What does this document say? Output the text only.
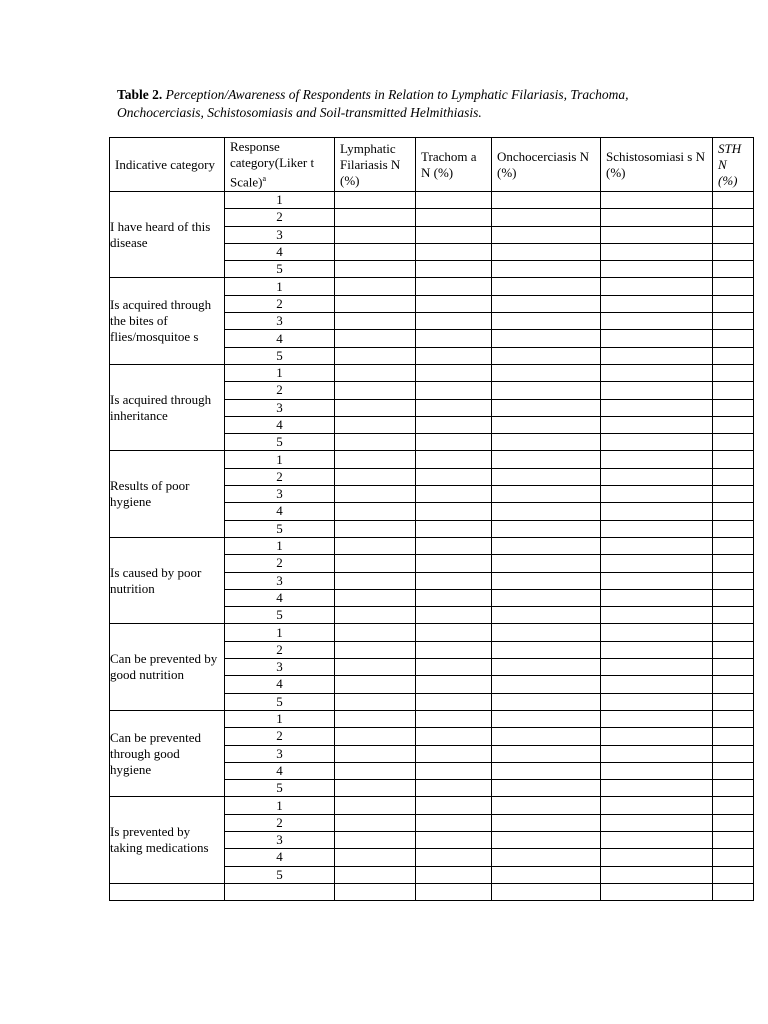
Table 2. Perception/Awareness of Respondents in Relation to Lymphatic Filariasis, Trachoma, Onchocerciasis, Schistosomiasis and Soil-transmitted Helmithiasis.
Indicative category	Response category(Liker t Scale)$^a$	Lymphatic Filariasis N (%)	Trachom a N (%)	Onchocerciasis N (%)	Schistosomiasi s N (%)	STH N (%)
I have heard of this disease	1					
	2					
	3					
	4					
	5					
Is acquired through the bites of flies/mosquitoe s	1					
	2					
	3					
	4					
	5					
Is acquired through inheritance	1					
	2					
	3					
	4					
	5					
Results of poor hygiene	1					
	2					
	3					
	4					
	5					
Is caused by poor nutrition	1					
	2					
	3					
	4					
	5					
Can be prevented by good nutrition	1					
	2					
	3					
	4					
	5					
Can be prevented through good hygiene	1					
	2					
	3					
	4					
	5					
Is prevented by taking medications	1					
	2					
	3					
	4					
	5					
